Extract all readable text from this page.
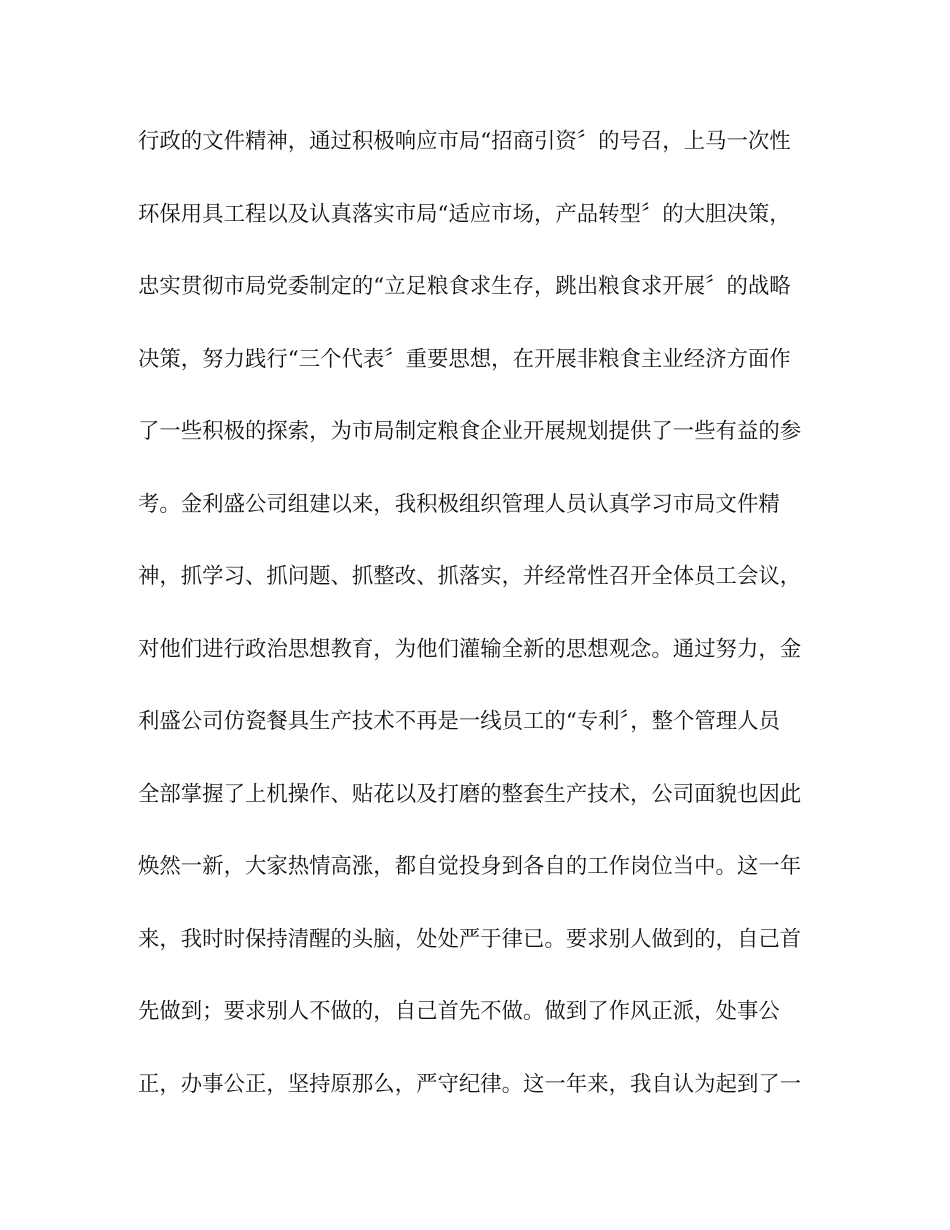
行政的文件精神，通过积极响应市局“招商引资〞的号召，上马一次性
环保用具工程以及认真落实市局“适应市场，产品转型〞的大胆决策，
忠实贯彻市局党委制定的“立足粮食求生存，跳出粮食求开展〞的战略
决策，努力践行“三个代表〞重要思想，在开展非粮食主业经济方面作
了一些积极的探索，为市局制定粮食企业开展规划提供了一些有益的参
考。金利盛公司组建以来，我积极组织管理人员认真学习市局文件精
神，抓学习、抓问题、抓整改、抓落实，并经常性召开全体员工会议，
对他们进行政治思想教育，为他们灌输全新的思想观念。通过努力，金
利盛公司仿瓷餐具生产技术不再是一线员工的“专利〞，整个管理人员
全部掌握了上机操作、贴花以及打磨的整套生产技术，公司面貌也因此
焕然一新，大家热情高涨，都自觉投身到各自的工作岗位当中。这一年
来，我时时保持清醒的头脑，处处严于律已。要求别人做到的，自己首
先做到；要求别人不做的，自己首先不做。做到了作风正派，处事公
正，办事公正，坚持原那么，严守纪律。这一年来，我自认为起到了一
